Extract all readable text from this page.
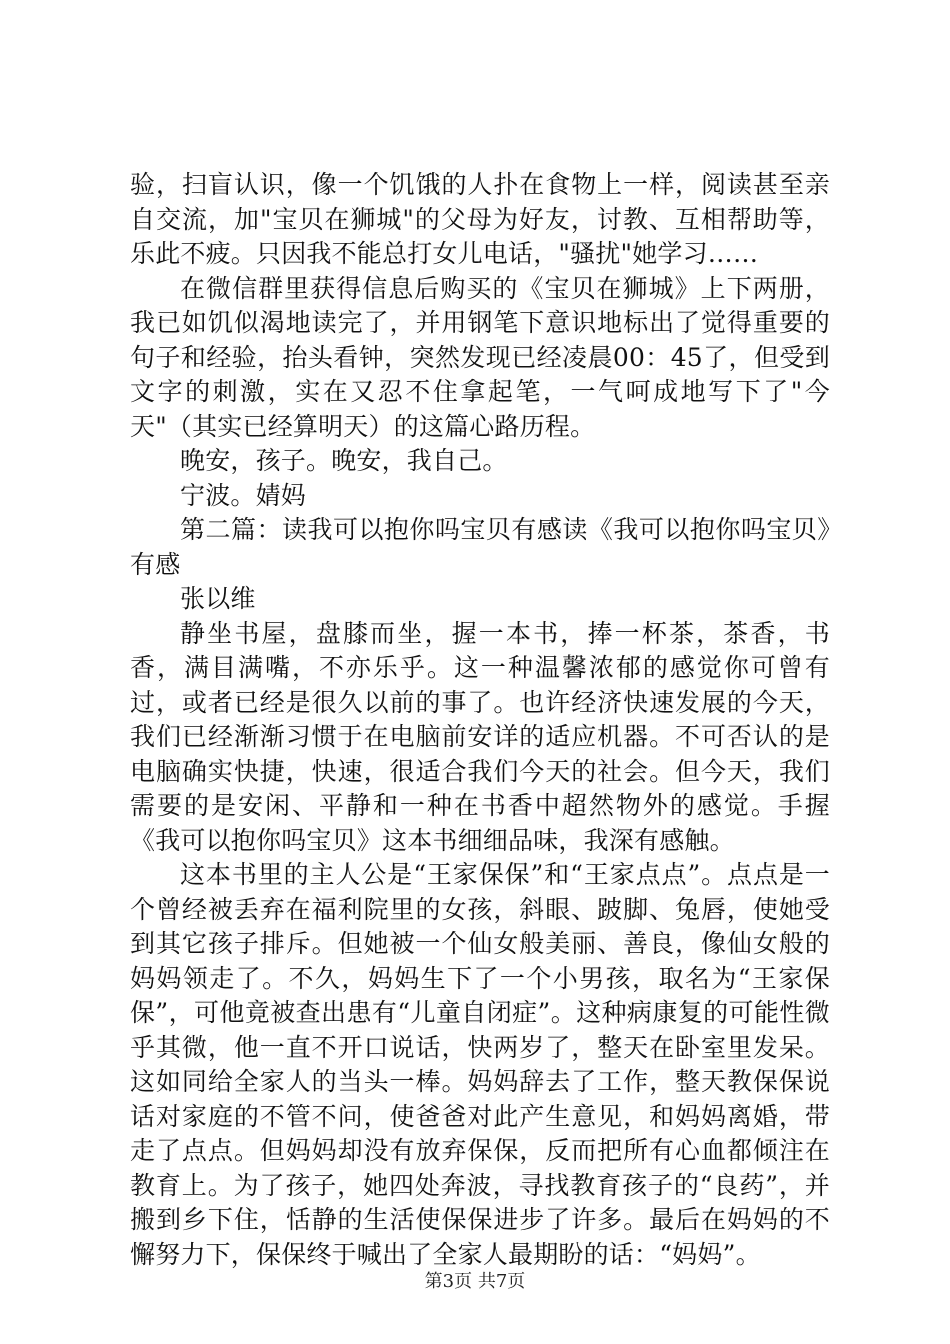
验，扫盲认识，像一个饥饿的人扑在食物上一样，阅读甚至亲自交流，加"宝贝在狮城"的父母为好友，讨教、互相帮助等，乐此不疲。只因我不能总打女儿电话，"骚扰"她学习……

在微信群里获得信息后购买的《宝贝在狮城》上下两册，我已如饥似渴地读完了，并用钢笔下意识地标出了觉得重要的句子和经验，抬头看钟，突然发现已经凌晨00：45了，但受到文字的刺激，实在又忍不住拿起笔，一气呵成地写下了"今天"（其实已经算明天）的这篇心路历程。

晚安，孩子。晚安，我自己。

宁波。婧妈

第二篇：读我可以抱你吗宝贝有感读《我可以抱你吗宝贝》有感

张以维

静坐书屋，盘膝而坐，握一本书，捧一杯茶，茶香，书香，满目满嘴，不亦乐乎。这一种温馨浓郁的感觉你可曾有过，或者已经是很久以前的事了。也许经济快速发展的今天，我们已经渐渐习惯于在电脑前安详的适应机器。不可否认的是电脑确实快捷，快速，很适合我们今天的社会。但今天，我们需要的是安闲、平静和一种在书香中超然物外的感觉。手握《我可以抱你吗宝贝》这本书细细品味，我深有感触。

这本书里的主人公是“王家保保”和“王家点点”。点点是一个曾经被丢弃在福利院里的女孩，斜眼、跛脚、兔唇，使她受到其它孩子排斥。但她被一个仙女般美丽、善良，像仙女般的妈妈领走了。不久，妈妈生下了一个小男孩，取名为“王家保保”，可他竟被查出患有“儿童自闭症”。这种病康复的可能性微乎其微，他一直不开口说话，快两岁了，整天在卧室里发呆。这如同给全家人的当头一棒。妈妈辞去了工作，整天教保保说话对家庭的不管不问，使爸爸对此产生意见，和妈妈离婚，带走了点点。但妈妈却没有放弃保保，反而把所有心血都倾注在教育上。为了孩子，她四处奔波，寻找教育孩子的“良药”，并搬到乡下住，恬静的生活使保保进步了许多。最后在妈妈的不懈努力下，保保终于喊出了全家人最期盼的话：“妈妈”。

第3页 共7页
